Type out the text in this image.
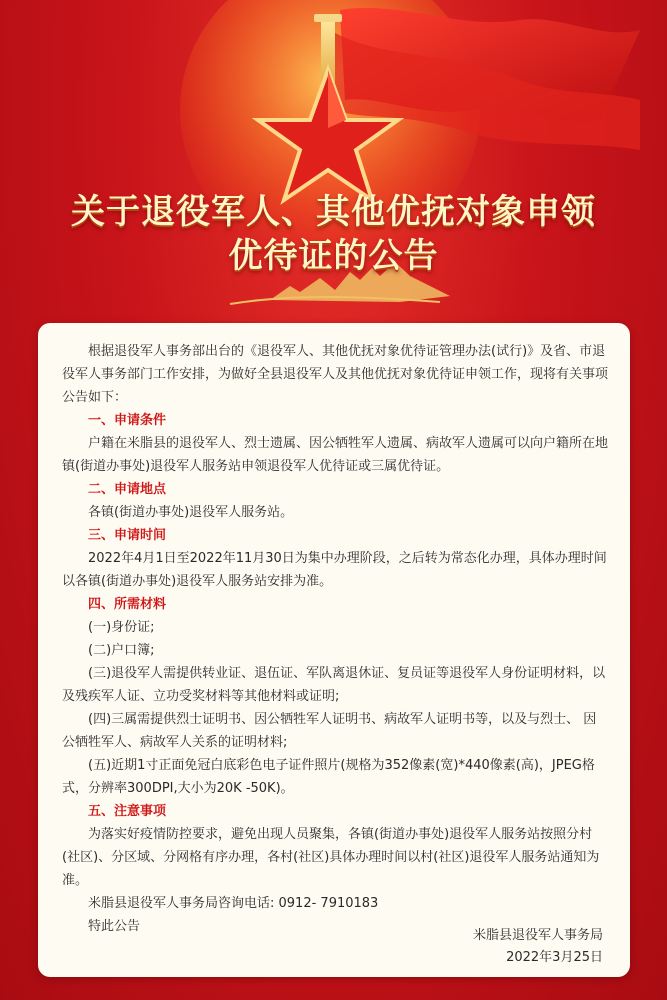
关于退役军人、其他优抚对象申领
优待证的公告

根据退役军人事务部出台的《退役军人、其他优抚对象优待证管理办法(试行)》及省、市退役军人事务部门工作安排，为做好全县退役军人及其他优抚对象优待证申领工作，现将有关事项公告如下：

一、申请条件

户籍在米脂县的退役军人、烈士遗属、因公牺牲军人遗属、病故军人遗属可以向户籍所在地镇(街道办事处)退役军人服务站申领退役军人优待证或三属优待证。

二、申请地点

各镇(街道办事处)退役军人服务站。

三、申请时间

2022年4月1日至2022年11月30日为集中办理阶段，之后转为常态化办理，具体办理时间以各镇(街道办事处)退役军人服务站安排为准。

四、所需材料

(一)身份证;

(二)户口簿;

(三)退役军人需提供转业证、退伍证、军队离退休证、复员证等退役军人身份证明材料，以及残疾军人证、立功受奖材料等其他材料或证明;

(四)三属需提供烈士证明书、因公牺牲军人证明书、病故军人证明书等，以及与烈士、 因公牺牲军人、病故军人关系的证明材料;

(五)近期1寸正面免冠白底彩色电子证件照片(规格为352像素(宽)*440像素(高)，JPEG格式，分辨率300DPI,大小为20K -50K)。

五、注意事项

为落实好疫情防控要求，避免出现人员聚集，各镇(街道办事处)退役军人服务站按照分村(社区)、分区域、分网格有序办理，各村(社区)具体办理时间以村(社区)退役军人服务站通知为准。

米脂县退役军人事务局咨询电话: 0912- 7910183

特此公告

米脂县退役军人事务局
2022年3月25日
